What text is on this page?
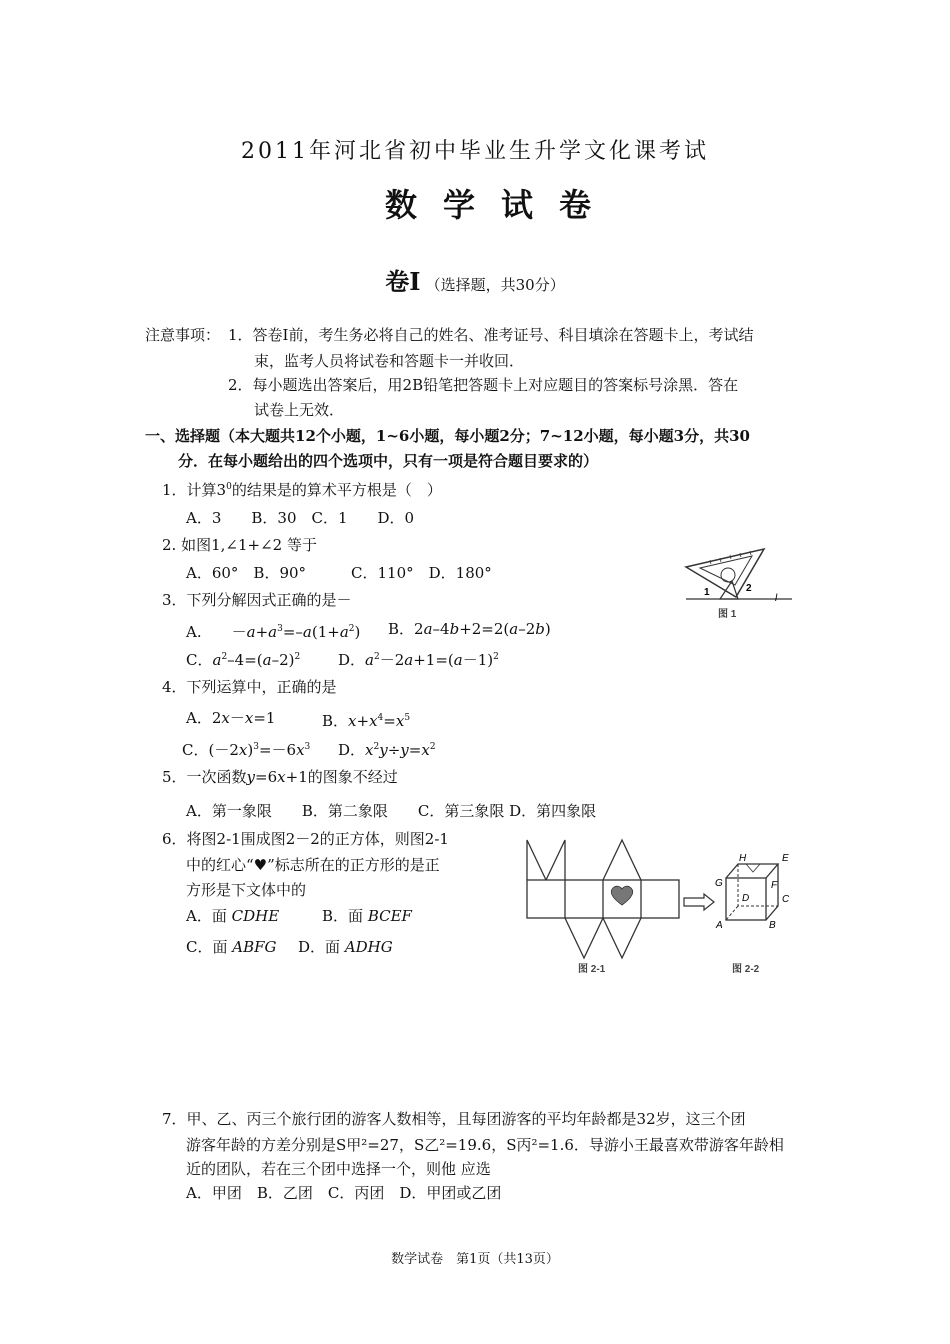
2011年河北省初中毕业生升学文化课考试
数学试卷
卷Ⅰ （选择题，共30分）
注意事项： 1．答卷Ⅰ前，考生务必将自己的姓名、准考证号、科目填涂在答题卡上，考试结
束，监考人员将试卷和答题卡一并收回．
2．每小题选出答案后，用2B铅笔把答题卡上对应题目的答案标号涂黑．答在
试卷上无效．
一、选择题（本大题共12个小题，1~6小题，每小题2分；7~12小题，每小题3分，共30
分．在每小题给出的四个选项中，只有一项是符合题目要求的）
1．计算$3^0$的结果是的算术平方根是（　）
A．3　　B．30　C．1　　D．0
2. 如图1,∠1+∠2 等于
A．60°　B．90°　　　C．110°　D．180°
3．下列分解因式正确的是－
A.　　$-a+a^3=-a(1+a^2)$ B．2a–4b+2=2(a–2b)
C．$a^2-4=(a-2)^2$	D．$a^2-2a+1=(a-1)^2$
4．下列运算中，正确的是
A．2x－x=1	B．$x+x^4=x^5$
C．$(-2x)^3=-6x^3$ D．$x^2y\div y=x^2$
5．一次函数y=6x+1的图象不经过
A．第一象限　　B．第二象限　　C．第三象限 D．第四象限
6．将图2-1围成图2－2的正方体，则图2-1
中的红心“♥”标志所在的正方形的是正
方形是下文体中的
A．面 CDHE	B．面 BCEF
C．面 ABFG D．面 ADHG
7．甲、乙、丙三个旅行团的游客人数相等，且每团游客的平均年龄都是32岁，这三个团
游客年龄的方差分别是S甲²=27，S乙²=19.6，S丙²=1.6．导游小王最喜欢带游客年龄相
近的团队，若在三个团中选择一个，则他 应选
A．甲团　B．乙团　C．丙团　D．甲团或乙团
1	2
l
图 1
图 2-1
H	E
G	F
C
D
A	B
图 2-2
数学试卷　第1页（共13页）
